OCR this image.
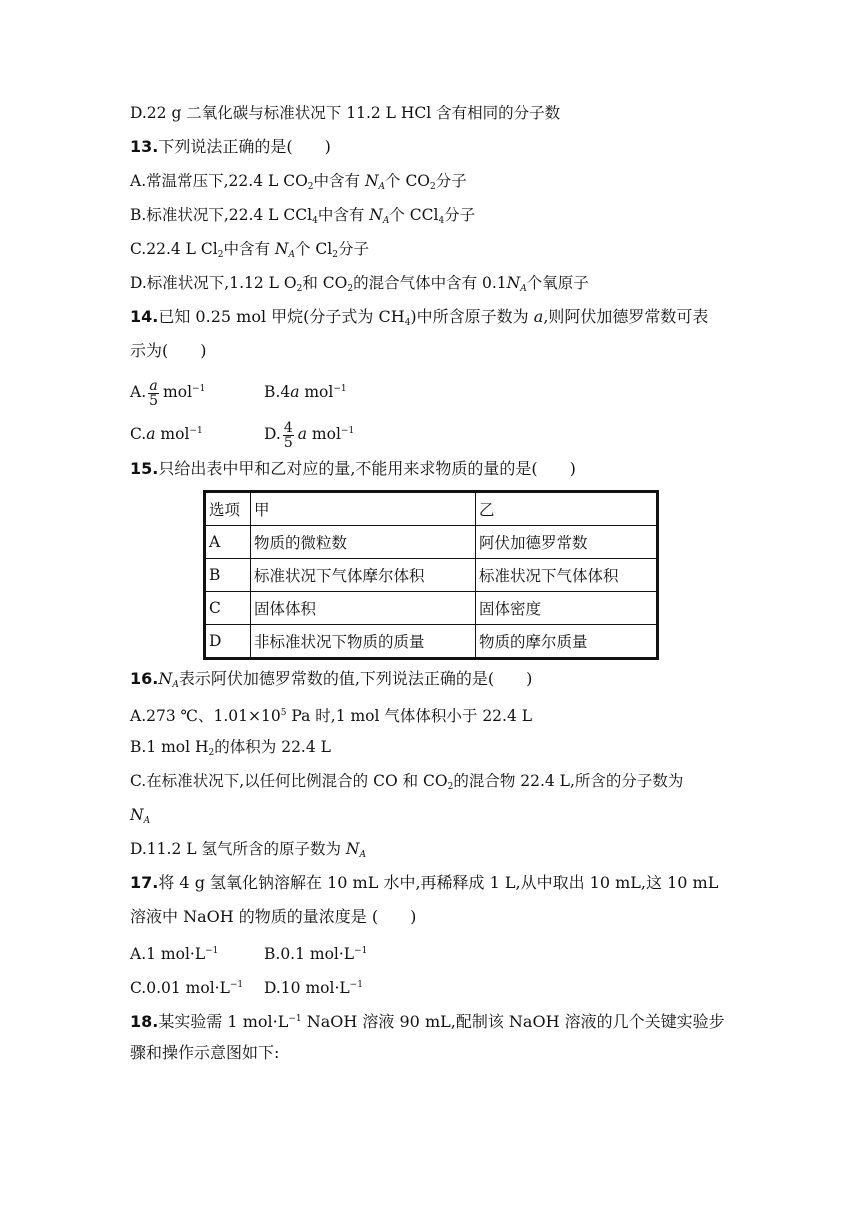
D.22 g 二氧化碳与标准状况下 11.2 L HCl 含有相同的分子数
13.下列说法正确的是(　　)
A.常温常压下,22.4 L $CO_2$中含有 $N_A$个 $CO_2$分子
B.标准状况下,22.4 L CCl$_4$中含有 $N_A$个 CCl$_4$分子
C.22.4 L $Cl_2$中含有 $N_A$个 $Cl_2$分子
D.标准状况下,1.12 L $O_2$和 $CO_2$的混合气体中含有 $0.1N_A$个氧原子
14.已知 0.25 mol 甲烷(分子式为 $CH_4$)中所含原子数为 a,则阿伏加德罗常数可表
示为(　　)
A. $\frac{a}{5} mol^{-1}$	B.4a mol$^{-1}$
C.a mol$^{-1}$	D. $\frac{4}{5}$ a mol$^{-1}$
15.只给出表中甲和乙对应的量,不能用来求物质的量的是(　　)
选项	甲	乙
A	物质的微粒数	阿伏加德罗常数
B	标准状况下气体摩尔体积	标准状况下气体体积
C	固体体积	固体密度
D	非标准状况下物质的质量	物质的摩尔质量
$16.N_A$表示阿伏加德罗常数的值,下列说法正确的是(　　)
A.273 ℃、$1.01\times 10^5$ Pa 时,1 mol 气体体积小于 22.4 L
B.1 mol $H_2$的体积为 22.4 L
C.在标准状况下,以任何比例混合的 CO 和 $CO_2$的混合物 22.4 L,所含的分子数为
$N_A$
D.11.2 L 氢气所含的原子数为 $N_A$
17.将 4 g 氢氧化钠溶解在 10 mL 水中,再稀释成 1 L,从中取出 10 mL,这 10 mL
溶液中 NaOH 的物质的量浓度是 (　　)
A.1 $mol\cdot L^{-1}$	B.0.1 $mol\cdot L^{-1}$
C.0.01 $mol\cdot L^{-1}$ D.10 $mol\cdot L^{-1}$
18.某实验需 1 $mol\cdot L^{-1}$ NaOH 溶液 90 mL,配制该 NaOH 溶液的几个关键实验步
骤和操作示意图如下:
